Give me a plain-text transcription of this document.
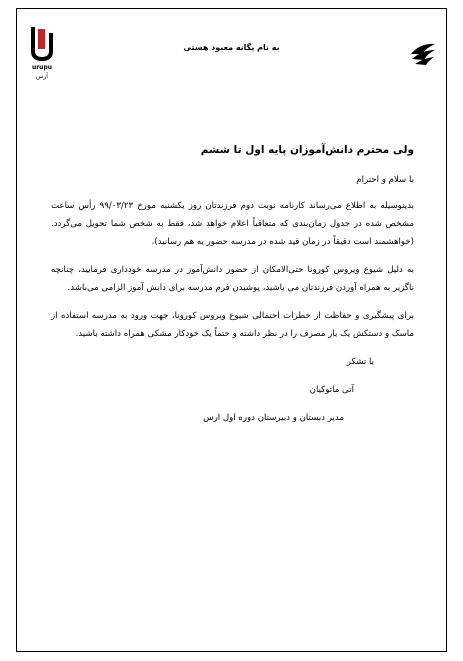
urupu
اَرس
به نام یگانه معبود هستی
ولی محترم دانش‌آموزان پایه اول تا ششم
با سلام و احترام

بدینوسیله به اطلاع می‌رساند کارنامه نوبت دوم فرزندتان روز یکشنبه مورخ ۹۹/۰۳/۲۳ رأس ساعت مشخص شده در جدول زمان‌بندی که متعاقباً اعلام خواهد شد، فقط به شخص شما تحویل می‌گردد. (خواهشمند است دقیقاً در زمان قید شده در مدرسه حضور به هم رسانید).

به دلیل شیوع ویروس کورونا حتی‌الامکان از حضور دانش‌آموز در مدرسه خودداری فرمایید، چنانچه ناگزیر به همراه آوردن فرزندتان می باشید، پوشیدن فرم مدرسه برای دانش آموز الزامی می‌باشد.

برای پیشگیری و حفاظت از خطرات احتمالی شیوع ویروس کورونا، جهت ورود به مدرسه استفاده از ماسک و دستکش یک بار مصرف را در نظر داشته و حتماً یک خودکار مشکی همراه داشته باشید.

با تشکر
آتی ماتوکیان
مدیر دبستان و دبیرستان دوره اول ارس
